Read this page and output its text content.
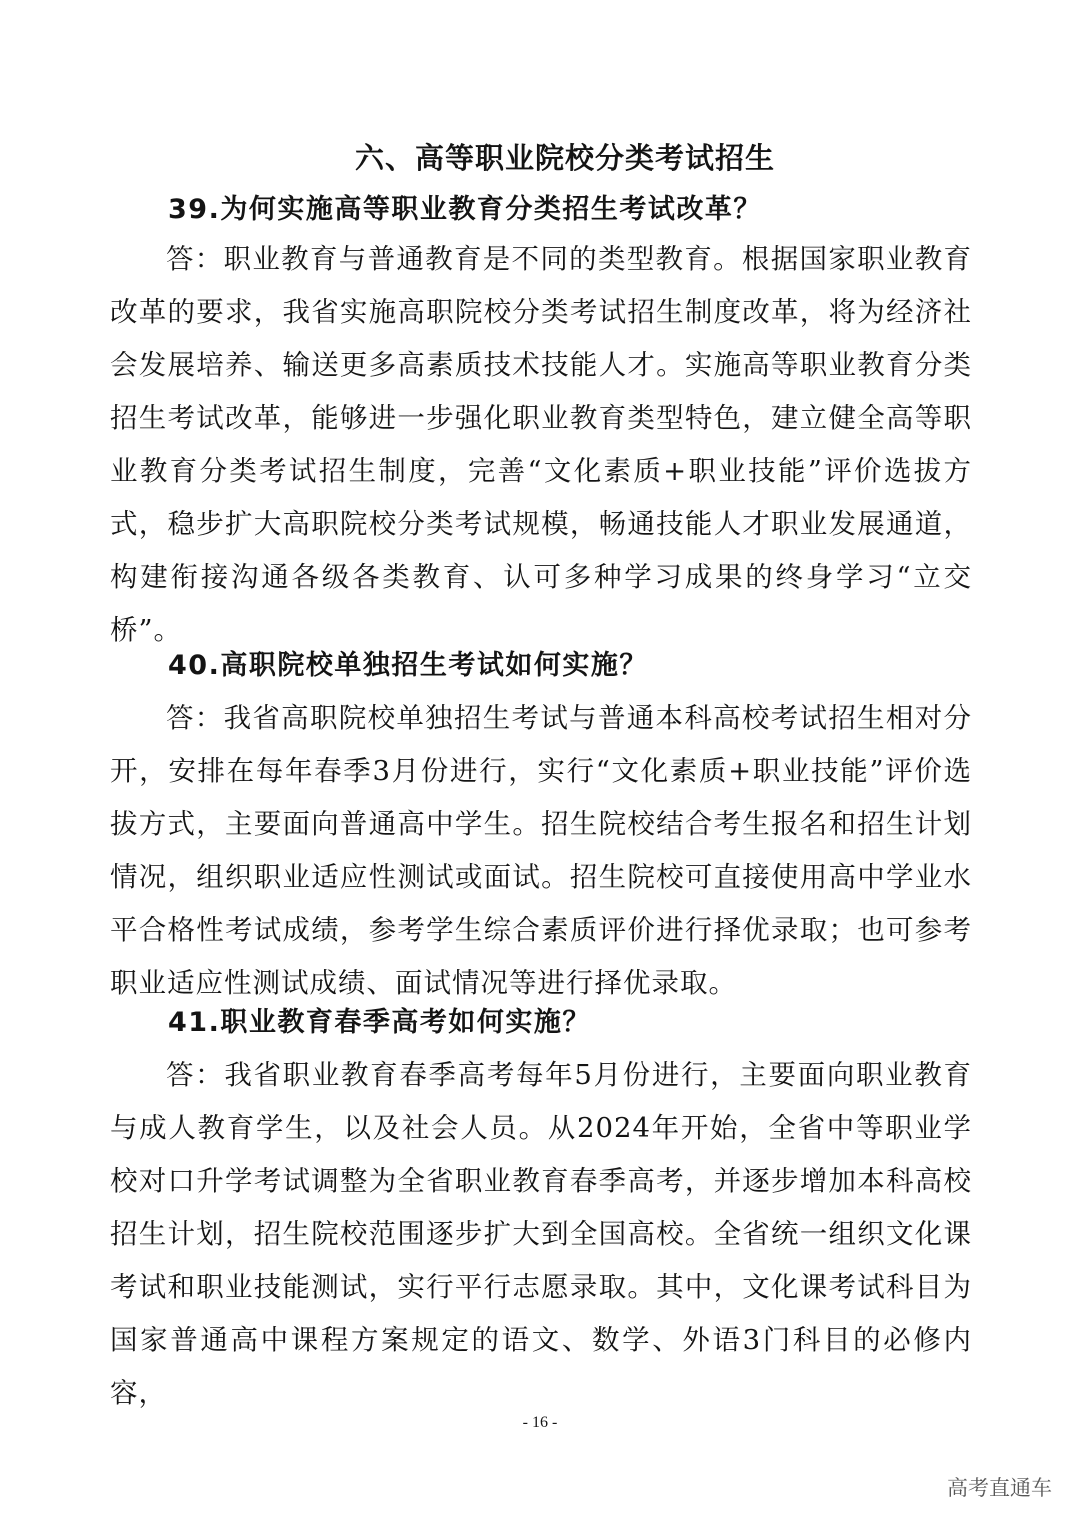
六、高等职业院校分类考试招生
39.为何实施高等职业教育分类招生考试改革？

答：职业教育与普通教育是不同的类型教育。根据国家职业教育改革的要求，我省实施高职院校分类考试招生制度改革，将为经济社会发展培养、输送更多高素质技术技能人才。实施高等职业教育分类招生考试改革，能够进一步强化职业教育类型特色，建立健全高等职业教育分类考试招生制度，完善“文化素质+职业技能”评价选拔方式，稳步扩大高职院校分类考试规模，畅通技能人才职业发展通道，构建衔接沟通各级各类教育、认可多种学习成果的终身学习“立交桥”。

40.高职院校单独招生考试如何实施？

答：我省高职院校单独招生考试与普通本科高校考试招生相对分开，安排在每年春季3月份进行，实行“文化素质+职业技能”评价选拔方式，主要面向普通高中学生。招生院校结合考生报名和招生计划情况，组织职业适应性测试或面试。招生院校可直接使用高中学业水平合格性考试成绩，参考学生综合素质评价进行择优录取；也可参考职业适应性测试成绩、面试情况等进行择优录取。

41.职业教育春季高考如何实施？

答：我省职业教育春季高考每年5月份进行，主要面向职业教育与成人教育学生，以及社会人员。从2024年开始，全省中等职业学校对口升学考试调整为全省职业教育春季高考，并逐步增加本科高校招生计划，招生院校范围逐步扩大到全国高校。全省统一组织文化课考试和职业技能测试，实行平行志愿录取。其中，文化课考试科目为国家普通高中课程方案规定的语文、数学、外语3门科目的必修内容，

- 16 -

高考直通车
